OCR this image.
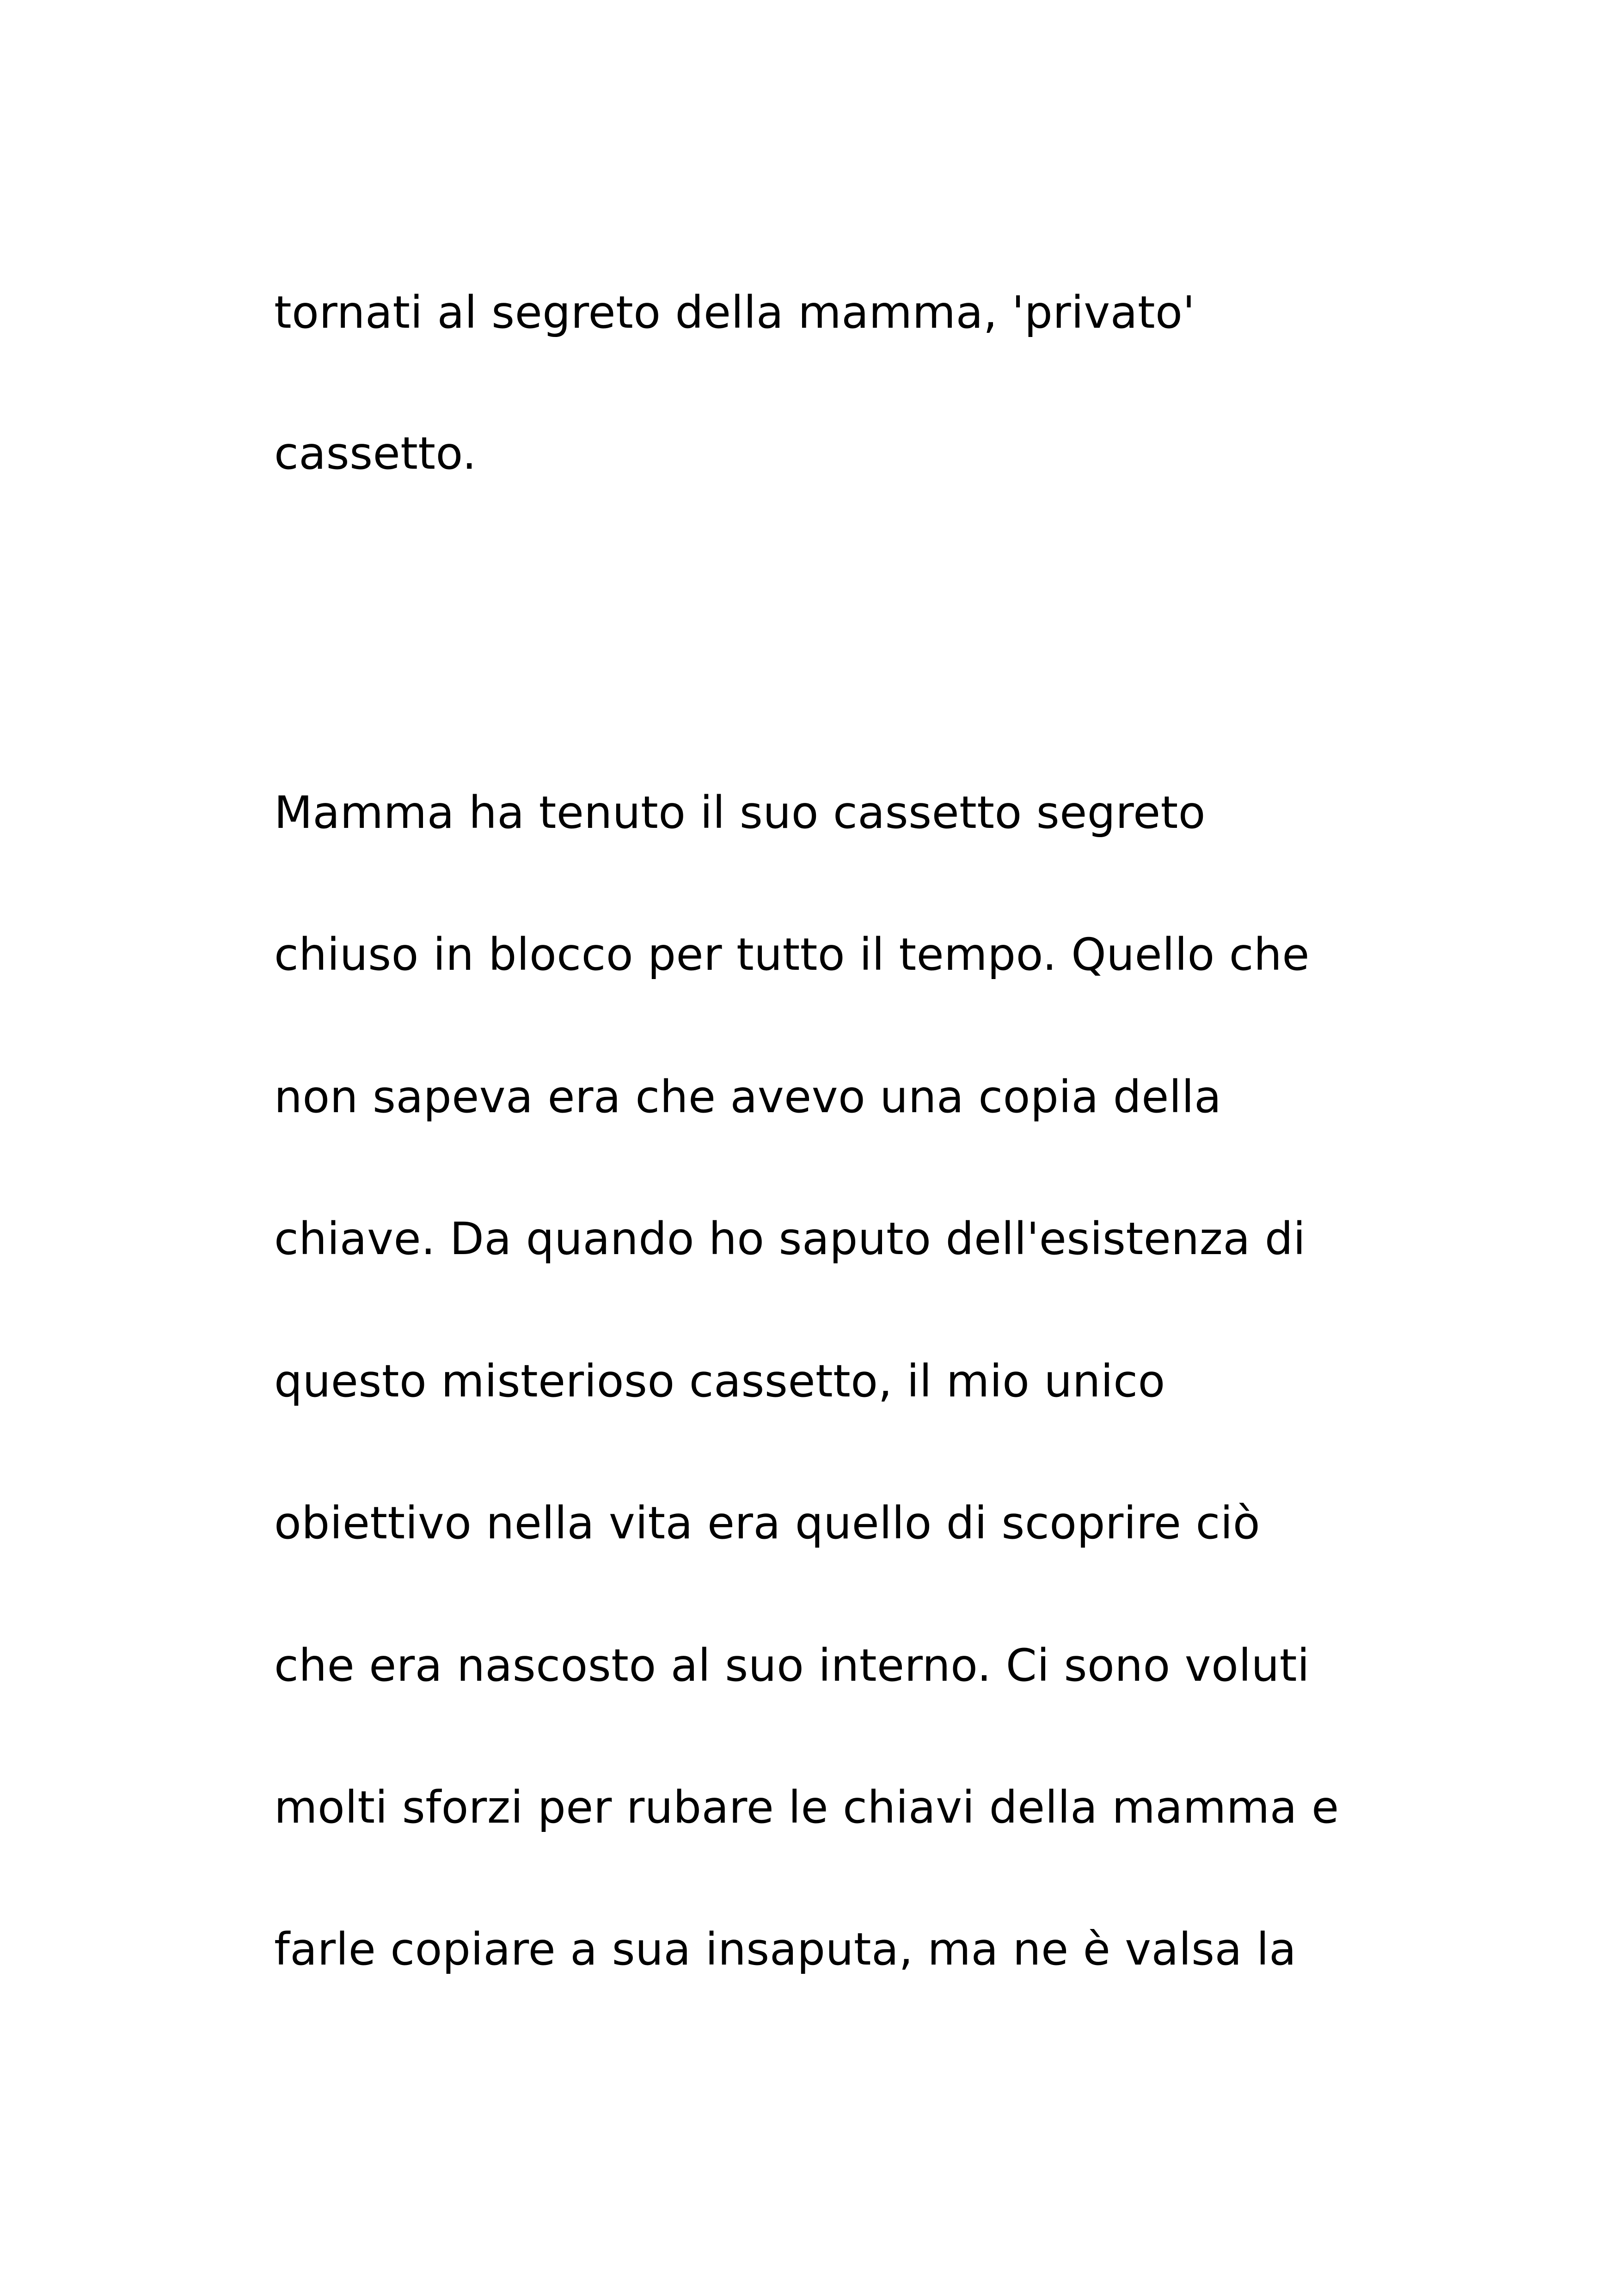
tornati al segreto della mamma, 'privato'

cassetto.

Mamma ha tenuto il suo cassetto segreto

chiuso in blocco per tutto il tempo. Quello che

non sapeva era che avevo una copia della

chiave. Da quando ho saputo dell'esistenza di

questo misterioso cassetto, il mio unico

obiettivo nella vita era quello di scoprire ciò

che era nascosto al suo interno. Ci sono voluti

molti sforzi per rubare le chiavi della mamma e

farle copiare a sua insaputa, ma ne è valsa la
